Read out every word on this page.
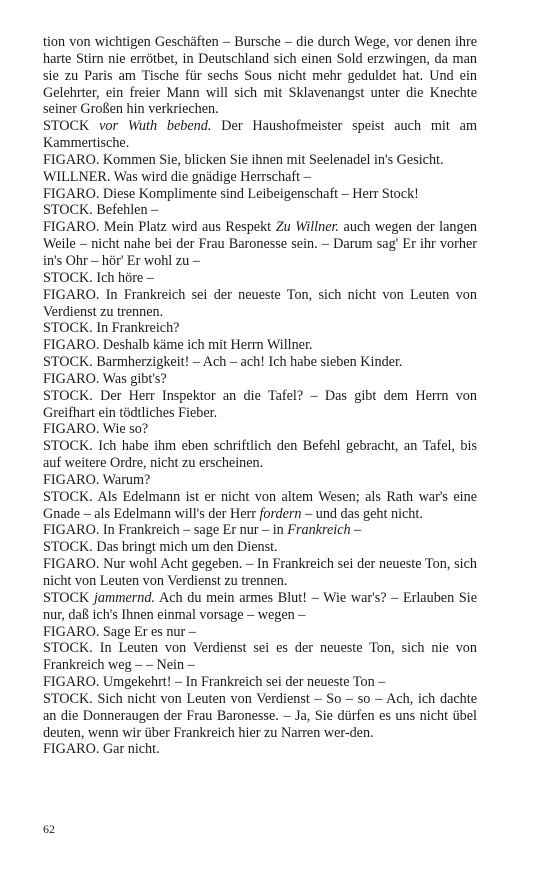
tion von wichtigen Geschäften – Bursche – die durch Wege, vor denen ihre harte Stirn nie errötbet, in Deutschland sich einen Sold erzwingen, da man sie zu Paris am Tische für sechs Sous nicht mehr geduldet hat. Und ein Gelehrter, ein freier Mann will sich mit Sklavenangst unter die Knechte seiner Großen hin verkriechen.
STOCK vor Wuth bebend. Der Haushofmeister speist auch mit am Kammertische.
FIGARO. Kommen Sie, blicken Sie ihnen mit Seelenadel in's Gesicht.
WILLNER. Was wird die gnädige Herrschaft –
FIGARO. Diese Komplimente sind Leibeigenschaft – Herr Stock!
STOCK. Befehlen –
FIGARO. Mein Platz wird aus Respekt Zu Willner. auch wegen der langen Weile – nicht nahe bei der Frau Baronesse sein. – Darum sag' Er ihr vorher in's Ohr – hör' Er wohl zu –
STOCK. Ich höre –
FIGARO. In Frankreich sei der neueste Ton, sich nicht von Leuten von Verdienst zu trennen.
STOCK. In Frankreich?
FIGARO. Deshalb käme ich mit Herrn Willner.
STOCK. Barmherzigkeit! – Ach – ach! Ich habe sieben Kinder.
FIGARO. Was gibt's?
STOCK. Der Herr Inspektor an die Tafel? – Das gibt dem Herrn von Greifhart ein tödtliches Fieber.
FIGARO. Wie so?
STOCK. Ich habe ihm eben schriftlich den Befehl gebracht, an Tafel, bis auf weitere Ordre, nicht zu erscheinen.
FIGARO. Warum?
STOCK. Als Edelmann ist er nicht von altem Wesen; als Rath war's eine Gnade – als Edelmann will's der Herr fordern – und das geht nicht.
FIGARO. In Frankreich – sage Er nur – in Frankreich –
STOCK. Das bringt mich um den Dienst.
FIGARO. Nur wohl Acht gegeben. – In Frankreich sei der neueste Ton, sich nicht von Leuten von Verdienst zu trennen.
STOCK jammernd. Ach du mein armes Blut! – Wie war's? – Erlauben Sie nur, daß ich's Ihnen einmal vorsage – wegen –
FIGARO. Sage Er es nur –
STOCK. In Leuten von Verdienst sei es der neueste Ton, sich nie von Frankreich weg – – Nein –
FIGARO. Umgekehrt! – In Frankreich sei der neueste Ton –
STOCK. Sich nicht von Leuten von Verdienst – So – so – Ach, ich dachte an die Donneraugen der Frau Baronesse. – Ja, Sie dürfen es uns nicht übel deuten, wenn wir über Frankreich hier zu Narren wer-den.
FIGARO. Gar nicht.
62
